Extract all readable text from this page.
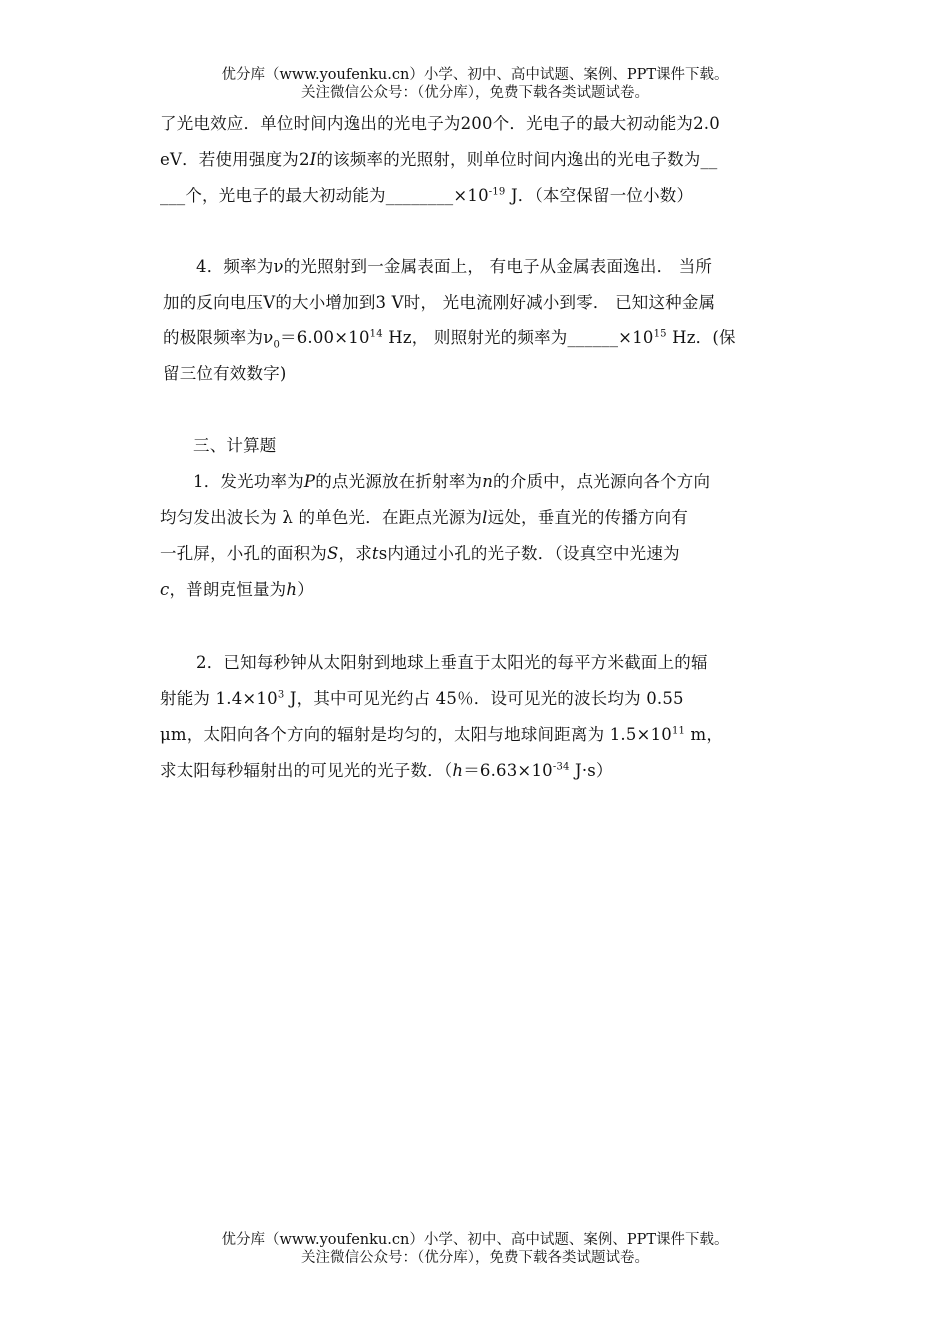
优分库（www.youfenku.cn）小学、初中、高中试题、案例、PPT课件下载。
关注微信公众号：（优分库），免费下载各类试题试卷。
了光电效应．单位时间内逸出的光电子为200个．光电子的最大初动能为2.0
eV．若使用强度为2I的该频率的光照射，则单位时间内逸出的光电子数为__
___个，光电子的最大初动能为$\_\_\_\_\_\_\_\_\times 10^{-19}$ J．（本空保留一位小数）
4．频率为ν的光照射到一金属表面上， 有电子从金属表面逸出． 当所
加的反向电压V的大小增加到3 V时， 光电流刚好减小到零． 已知这种金属
的极限频率为$\nu_0=6.00\times 10^{14}$ Hz， 则照射光的频率为$\_\_\_\_\_\_\times 10^{15}$ Hz．(保
留三位有效数字)
三、计算题
1．发光功率为P的点光源放在折射率为n的介质中，点光源向各个方向
均匀发出波长为 λ 的单色光．在距点光源为l远处，垂直光的传播方向有
一孔屏，小孔的面积为S，求ts内通过小孔的光子数．（设真空中光速为
c，普朗克恒量为h）
2．已知每秒钟从太阳射到地球上垂直于太阳光的每平方米截面上的辐
射能为 $1.4\times 10^3$ J，其中可见光约占 45％．设可见光的波长均为 0.55
μm，太阳向各个方向的辐射是均匀的，太阳与地球间距离为 $1.5\times 10^{11}$ m，
求太阳每秒辐射出的可见光的光子数．（$h=6.63\times 10^{-34}$ J·s）
优分库（www.youfenku.cn）小学、初中、高中试题、案例、PPT课件下载。
关注微信公众号：（优分库），免费下载各类试题试卷。
